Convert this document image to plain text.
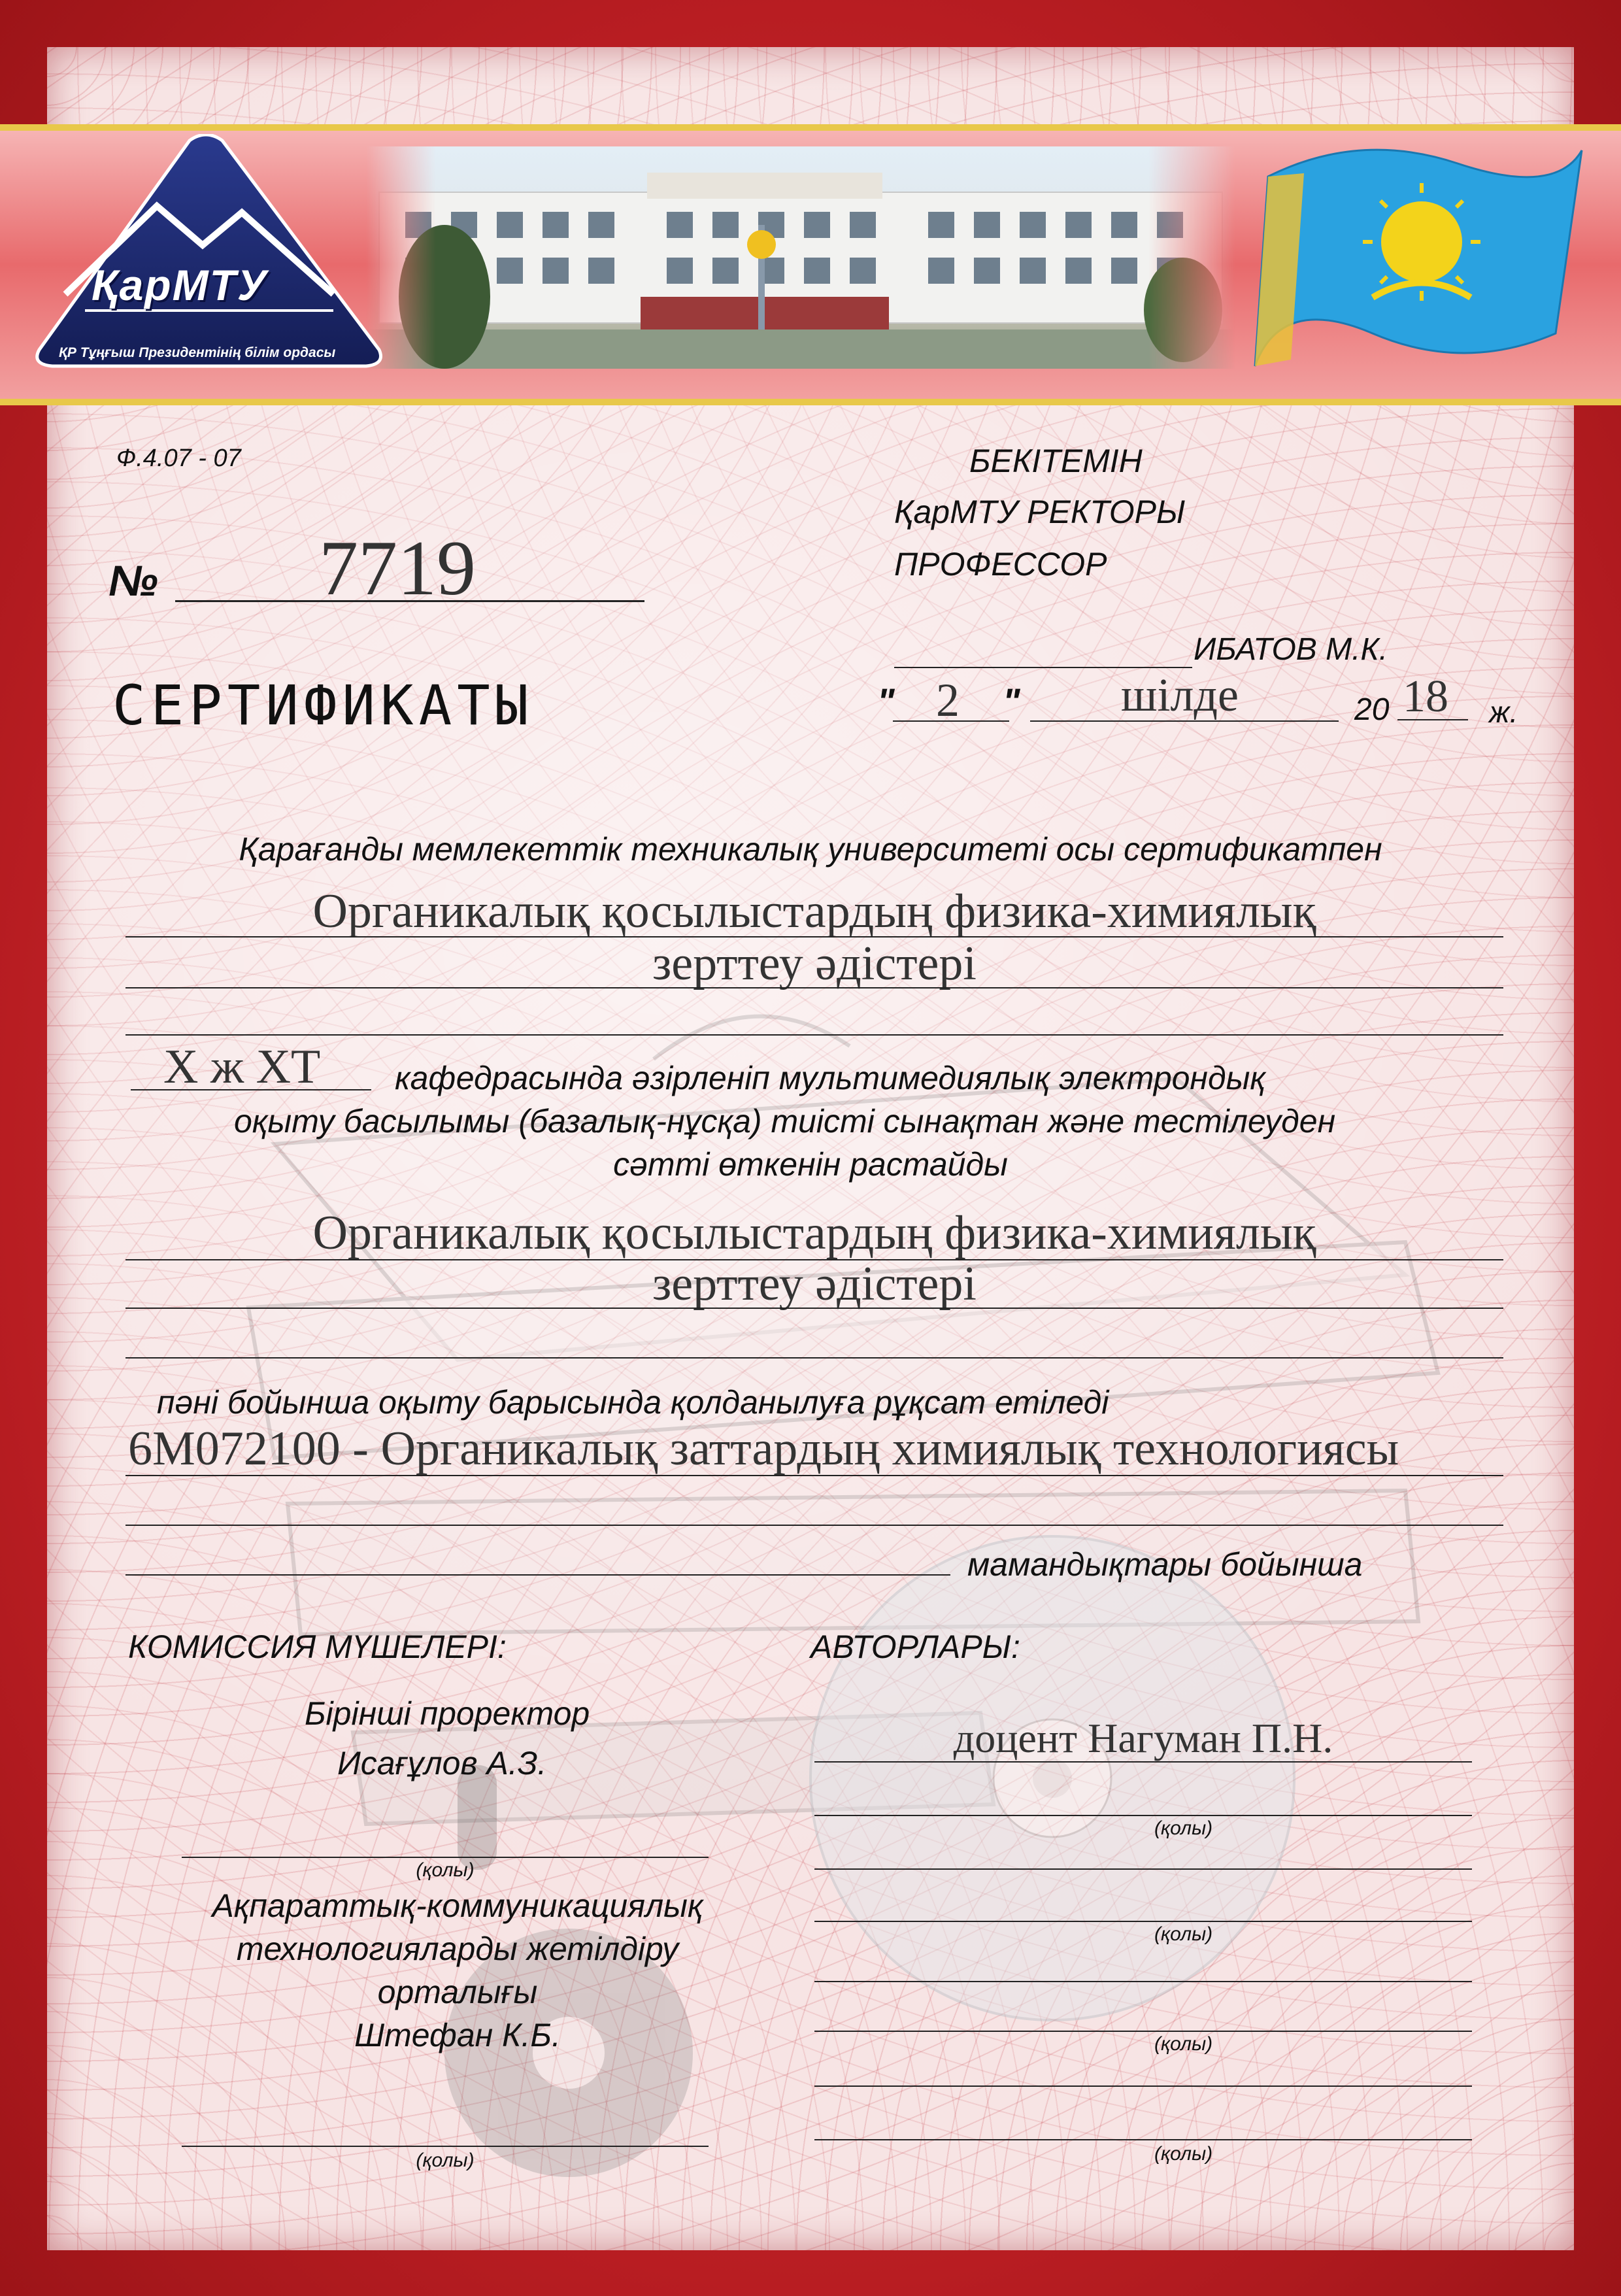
ҚарМТУ
ҚР Тұңғыш Президентінің білім ордасы
Ф.4.07 - 07	БЕКІТЕМІН
ҚарМТУ РЕКТОРЫ
ПРОФЕССОР
ИБАТОВ М.К.
" 2 " шілде	20 18 ж.
№ 7719
СЕРТИФИКАТЫ
Қарағанды мемлекеттік техникалық университеті осы сертификатпен
Органикалық қосылыстардың физика-химиялық
зерттеу әдістері
Х ж ХТ кафедрасында әзірленіп мультимедиялық электрондық
оқыту басылымы (базалық-нұсқа) тиісті сынақтан және тестілеуден
сәтті өткенін растайды
Органикалық қосылыстардың физика-химиялық
зерттеу әдістері
пәні бойынша оқыту барысында қолданылуға рұқсат етіледі
6М072100 - Органикалық заттардың химиялық технологиясы
мамандықтары бойынша
КОМИССИЯ МҮШЕЛЕРІ:
Бірінші проректор
Исағұлов А.З.
(қолы)
Ақпараттық-коммуникациялық
технологияларды жетілдіру
орталығы
Штефан К.Б.
(қолы)
АВТОРЛАРЫ:
доцент Нагуман П.Н.
(қолы)
(қолы)
(қолы)
(қолы)
